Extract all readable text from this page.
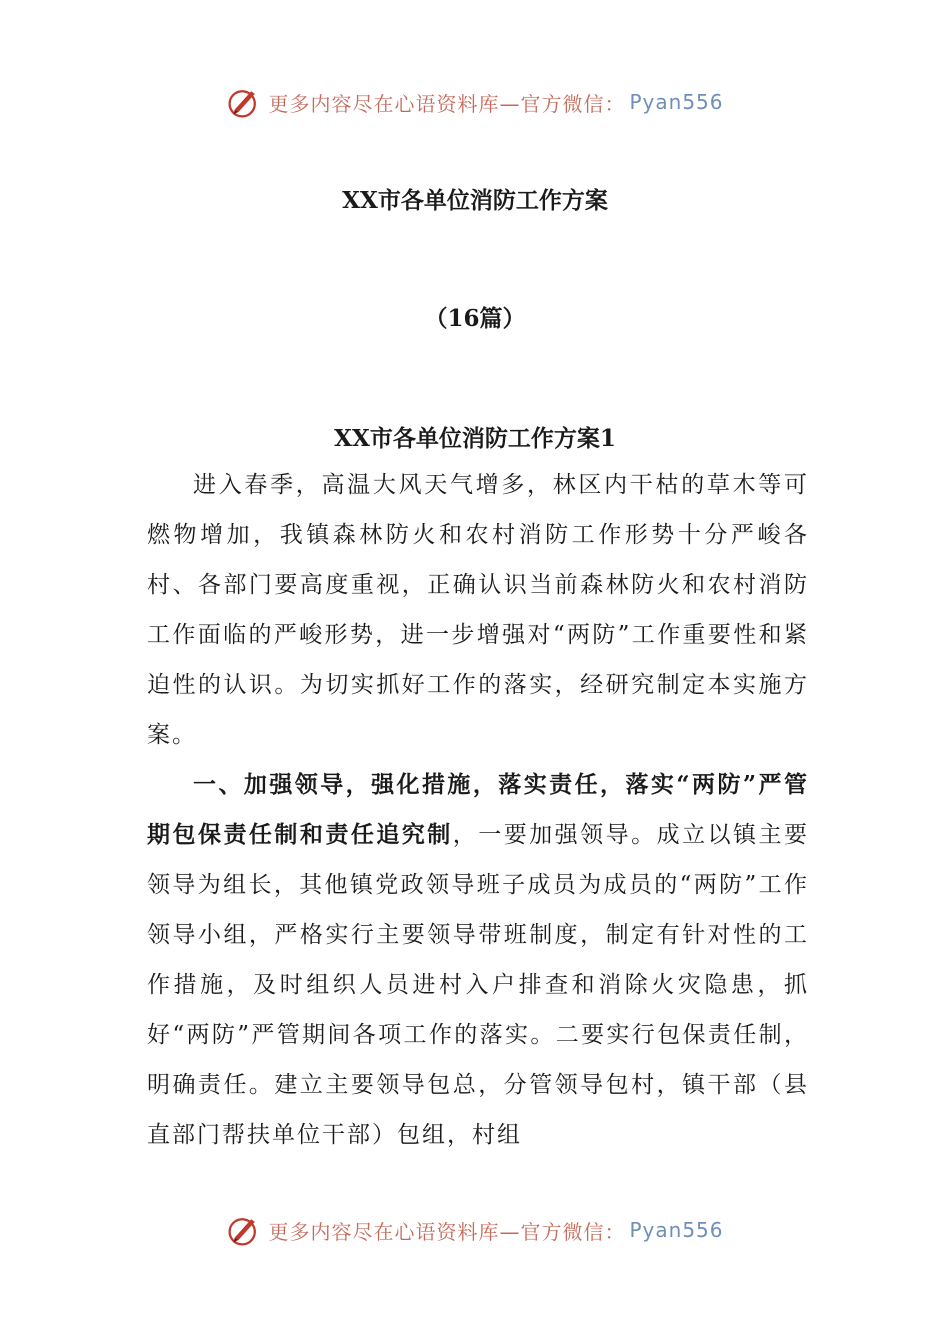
更多内容尽在心语资料库—官方微信： Pyan556
XX市各单位消防工作方案
（16篇）
XX市各单位消防工作方案1

进入春季，高温大风天气增多，林区内干枯的草木等可燃物增加，我镇森林防火和农村消防工作形势十分严峻各村、各部门要高度重视，正确认识当前森林防火和农村消防工作面临的严峻形势，进一步增强对“两防”工作重要性和紧迫性的认识。为切实抓好工作的落实，经研究制定本实施方案。

一、加强领导，强化措施，落实责任，落实“两防”严管期包保责任制和责任追究制，一要加强领导。成立以镇主要领导为组长，其他镇党政领导班子成员为成员的“两防”工作领导小组，严格实行主要领导带班制度，制定有针对性的工作措施，及时组织人员进村入户排查和消除火灾隐患，抓好“两防”严管期间各项工作的落实。二要实行包保责任制，明确责任。建立主要领导包总，分管领导包村，镇干部（县直部门帮扶单位干部）包组，村组

更多内容尽在心语资料库—官方微信： Pyan556
